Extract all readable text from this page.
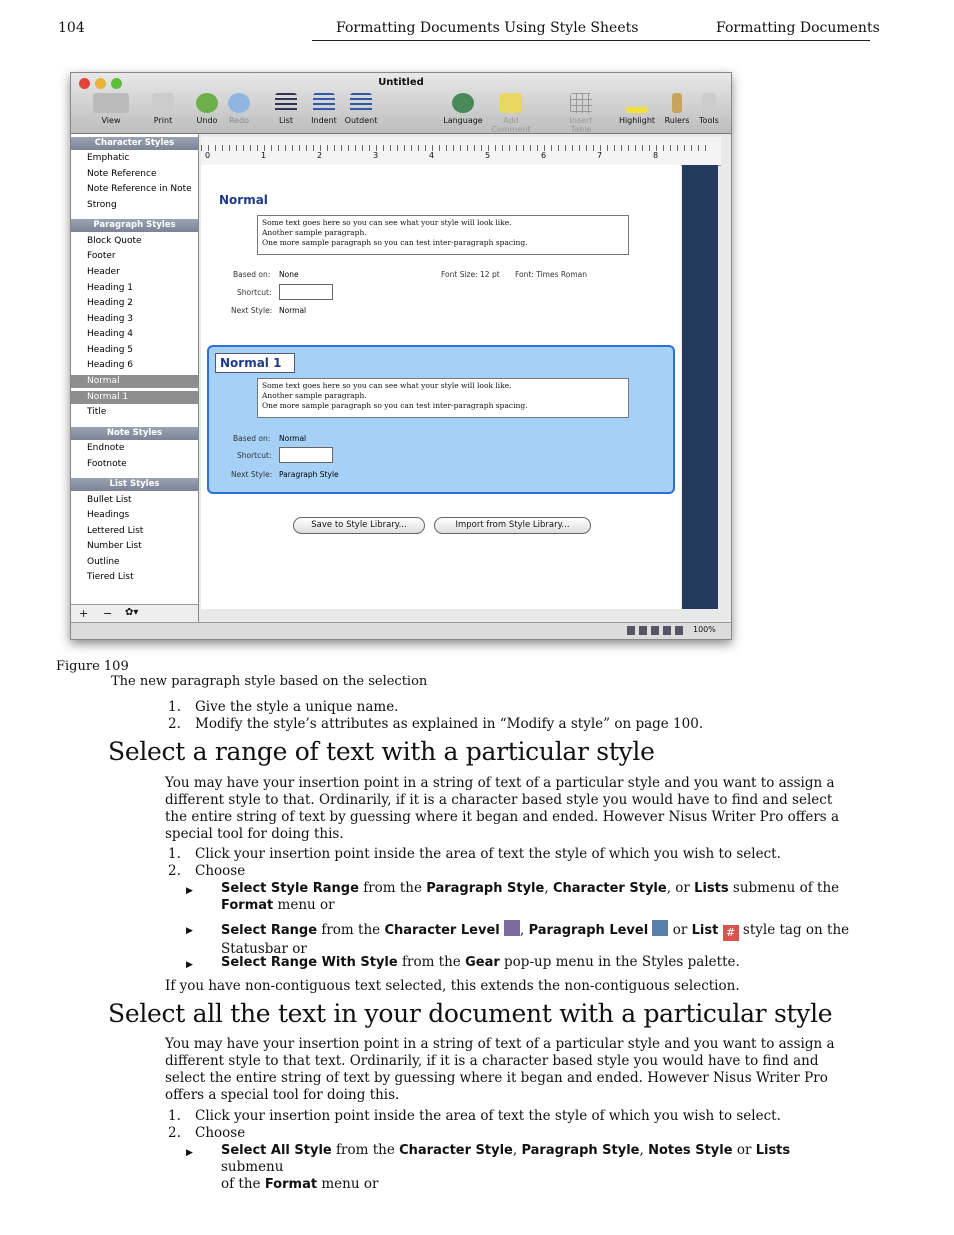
104	Formatting Documents Using Style Sheets	Formatting Documents
Untitled
View	Print	Undo	Redo	List	Indent Outdent	Language	Add Comment
Insert Table
Highlight	Rulers	Tools
Character Styles
Emphatic
Note Reference
Note Reference in Note
Strong
Paragraph Styles
Block Quote
Footer
Header
Heading 1
Heading 2
Heading 3
Heading 4
Heading 5
Heading 6
Normal
Normal 1
Title
Note Styles
Endnote
Footnote
List Styles
Bullet List
Headings
Lettered List
Number List
Outline
Tiered List
+ − ✿▾
0	1	2	3	4	5	6	7	8
Normal
Some text goes here so you can see what your style will look like.
Another sample paragraph.
One more sample paragraph so you can test inter-paragraph spacing.
Based on: None	Font Size: 12 pt Font: Times Roman
Shortcut:
Next Style: Normal
Normal 1
Some text goes here so you can see what your style will look like.
Another sample paragraph.
One more sample paragraph so you can test inter-paragraph spacing.
Based on: Normal
Shortcut:
Next Style: Paragraph Style
Save to Style Library...	Import from Style Library...
100%
Figure 109
The new paragraph style based on the selection
1. Give the style a unique name.
2. Modify the style’s attributes as explained in “Modify a style” on page 100.
Select a range of text with a particular style
You may have your insertion point in a string of text of a particular style and you want to assign a
different style to that. Ordinarily, if it is a character based style you would have to find and select
the entire string of text by guessing where it began and ended. However Nisus Writer Pro offers a
special tool for doing this.
1. Click your insertion point inside the area of text the style of which you wish to select.
2. Choose
▶ Select Style Range from the Paragraph Style, Character Style, or Lists submenu of the
Format menu or
▶ Select Range from the Character Level , Paragraph Level  or List # style tag on the
Statusbar or
▶ Select Range With Style from the Gear pop-up menu in the Styles palette.
If you have non-contiguous text selected, this extends the non-contiguous selection.
Select all the text in your document with a particular style
You may have your insertion point in a string of text of a particular style and you want to assign a
different style to that text. Ordinarily, if it is a character based style you would have to find and
select the entire string of text by guessing where it began and ended. However Nisus Writer Pro
offers a special tool for doing this.
1. Click your insertion point inside the area of text the style of which you wish to select.
2. Choose
▶ Select All Style from the Character Style, Paragraph Style, Notes Style or Lists submenu
of the Format menu or
